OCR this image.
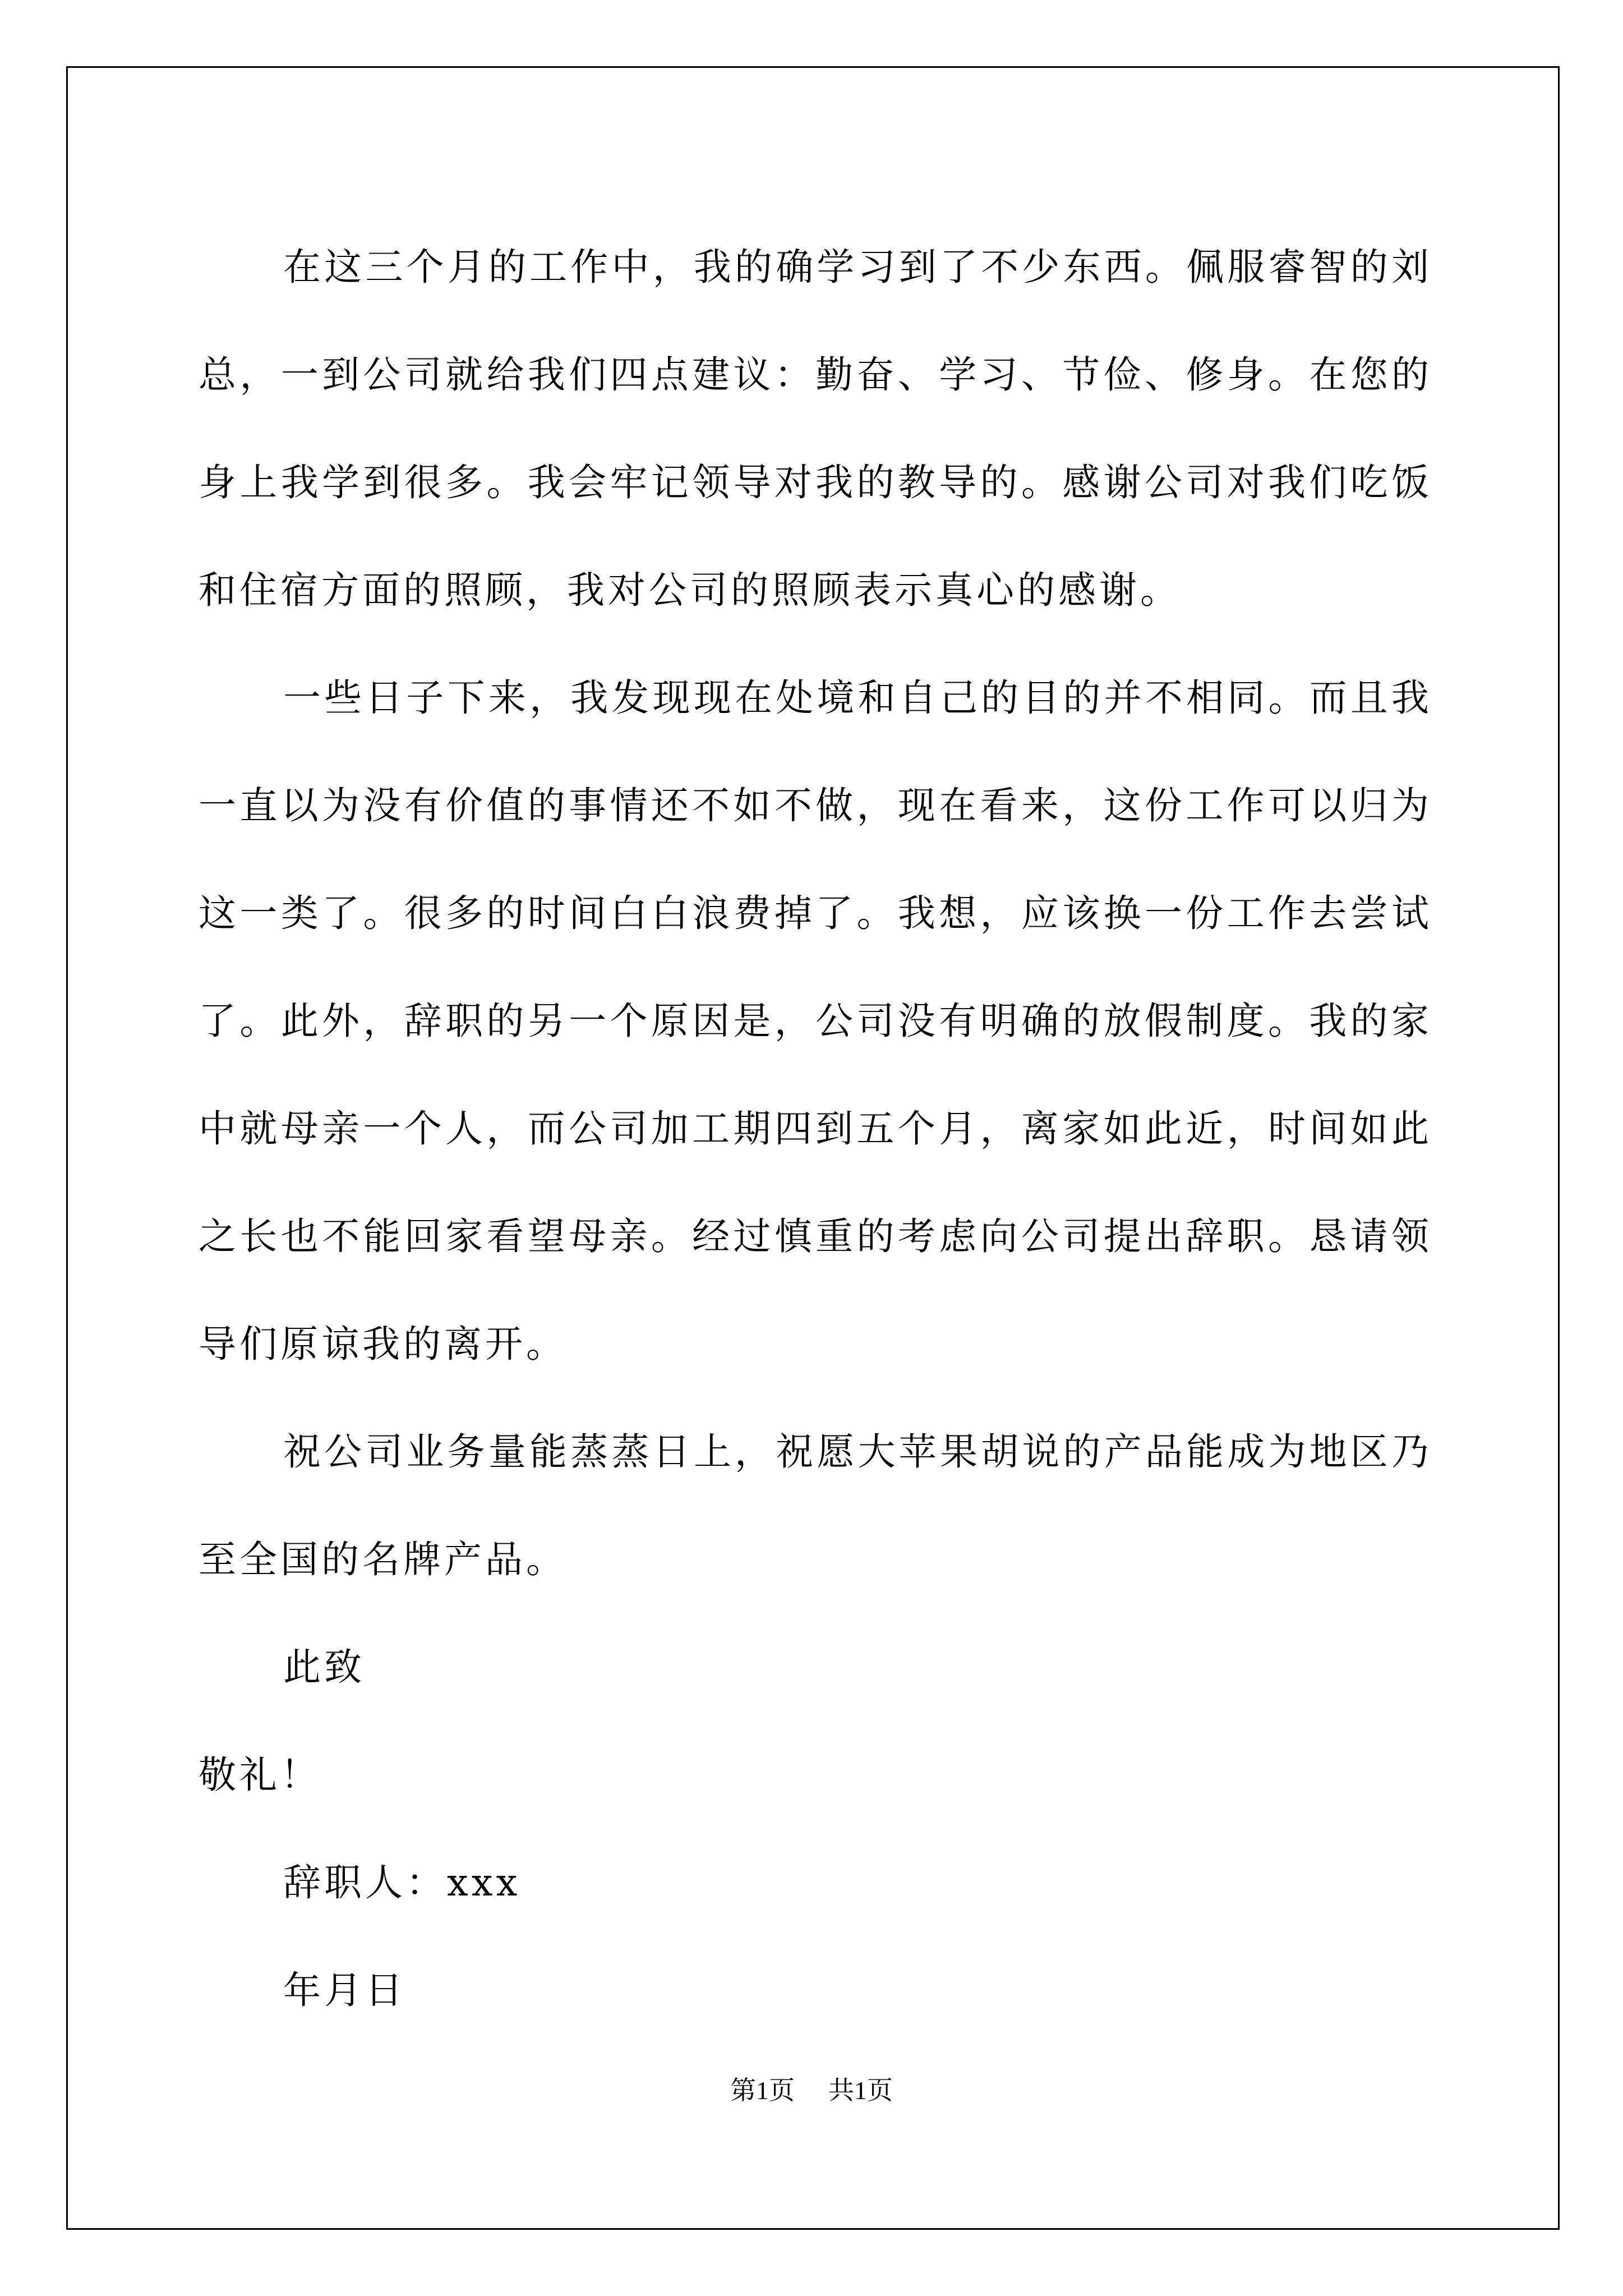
在这三个月的工作中，我的确学习到了不少东西。佩服睿智的刘总，一到公司就给我们四点建议：勤奋、学习、节俭、修身。在您的身上我学到很多。我会牢记领导对我的教导的。感谢公司对我们吃饭和住宿方面的照顾，我对公司的照顾表示真心的感谢。

一些日子下来，我发现现在处境和自己的目的并不相同。而且我一直以为没有价值的事情还不如不做，现在看来，这份工作可以归为这一类了。很多的时间白白浪费掉了。我想，应该换一份工作去尝试了。此外，辞职的另一个原因是，公司没有明确的放假制度。我的家中就母亲一个人，而公司加工期四到五个月，离家如此近，时间如此之长也不能回家看望母亲。经过慎重的考虑向公司提出辞职。恳请领导们原谅我的离开。

祝公司业务量能蒸蒸日上，祝愿大苹果胡说的产品能成为地区乃至全国的名牌产品。

此致

敬礼！

辞职人：xxx

年月日

第1页 共1页
